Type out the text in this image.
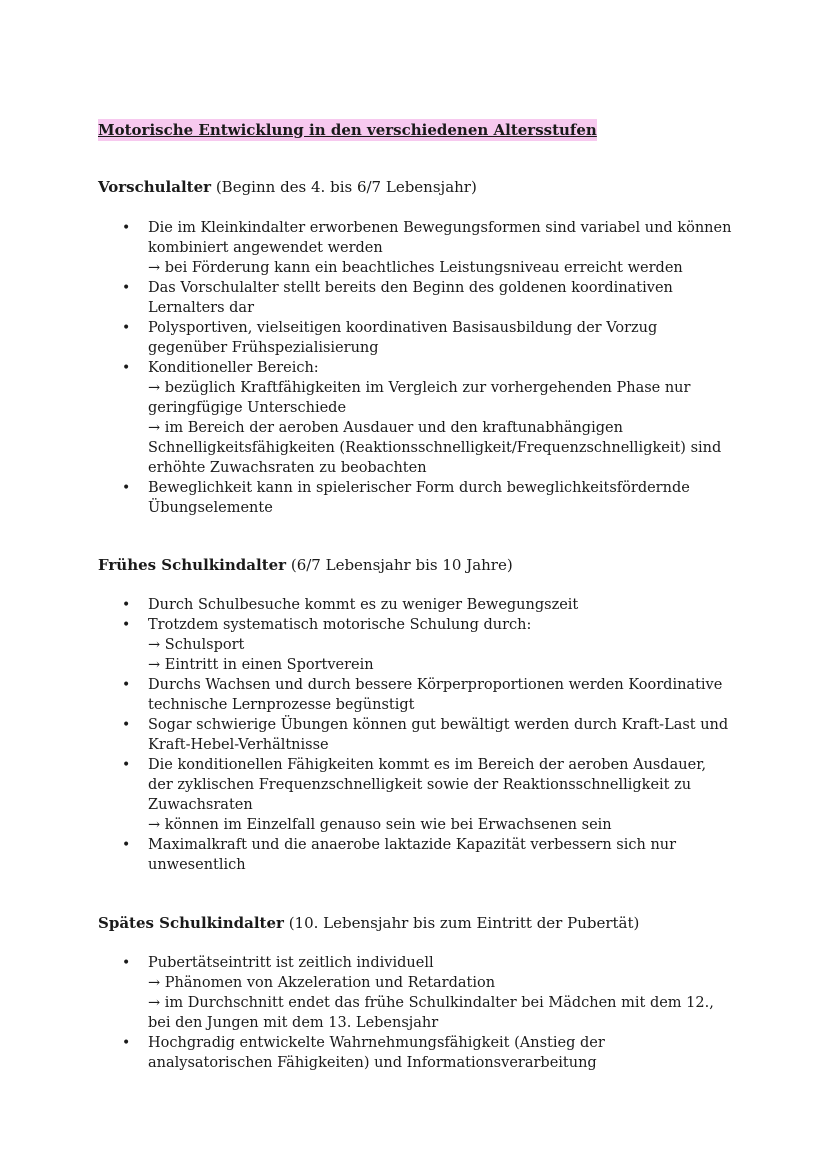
Motorische Entwicklung in den verschiedenen Altersstufen
Vorschulalter (Beginn des 4. bis 6/7 Lebensjahr)
•	Die im Kleinkindalter erworbenen Bewegungsformen sind variabel und können kombiniert angewendet werden
→ bei Förderung kann ein beachtliches Leistungsniveau erreicht werden
•	Das Vorschulalter stellt bereits den Beginn des goldenen koordinativen Lernalters dar
•	Polysportiven, vielseitigen koordinativen Basisausbildung der Vorzug gegenüber Frühspezialisierung
•	Konditioneller Bereich:
→ bezüglich Kraftfähigkeiten im Vergleich zur vorhergehenden Phase nur geringfügige Unterschiede
→ im Bereich der aeroben Ausdauer und den kraftunabhängigen Schnelligkeitsfähigkeiten (Reaktionsschnelligkeit/Frequenzschnelligkeit) sind erhöhte Zuwachsraten zu beobachten
•	Beweglichkeit kann in spielerischer Form durch beweglichkeitsfördernde Übungselemente
Frühes Schulkindalter (6/7 Lebensjahr bis 10 Jahre)
•	Durch Schulbesuche kommt es zu weniger Bewegungszeit
•	Trotzdem systematisch motorische Schulung durch:
→ Schulsport
→ Eintritt in einen Sportverein
•	Durchs Wachsen und durch bessere Körperproportionen werden Koordinative technische Lernprozesse begünstigt
•	Sogar schwierige Übungen können gut bewältigt werden durch Kraft-Last und Kraft-Hebel-Verhältnisse
•	Die konditionellen Fähigkeiten kommt es im Bereich der aeroben Ausdauer, der zyklischen Frequenzschnelligkeit sowie der Reaktionsschnelligkeit zu Zuwachsraten
→ können im Einzelfall genauso sein wie bei Erwachsenen sein
•	Maximalkraft und die anaerobe laktazide Kapazität verbessern sich nur unwesentlich
Spätes Schulkindalter (10. Lebensjahr bis zum Eintritt der Pubertät)
•	Pubertätseintritt ist zeitlich individuell
→ Phänomen von Akzeleration und Retardation
→ im Durchschnitt endet das frühe Schulkindalter bei Mädchen mit dem 12., bei den Jungen mit dem 13. Lebensjahr
•	Hochgradig entwickelte Wahrnehmungsfähigkeit (Anstieg der analysatorischen Fähigkeiten) und Informationsverarbeitung
